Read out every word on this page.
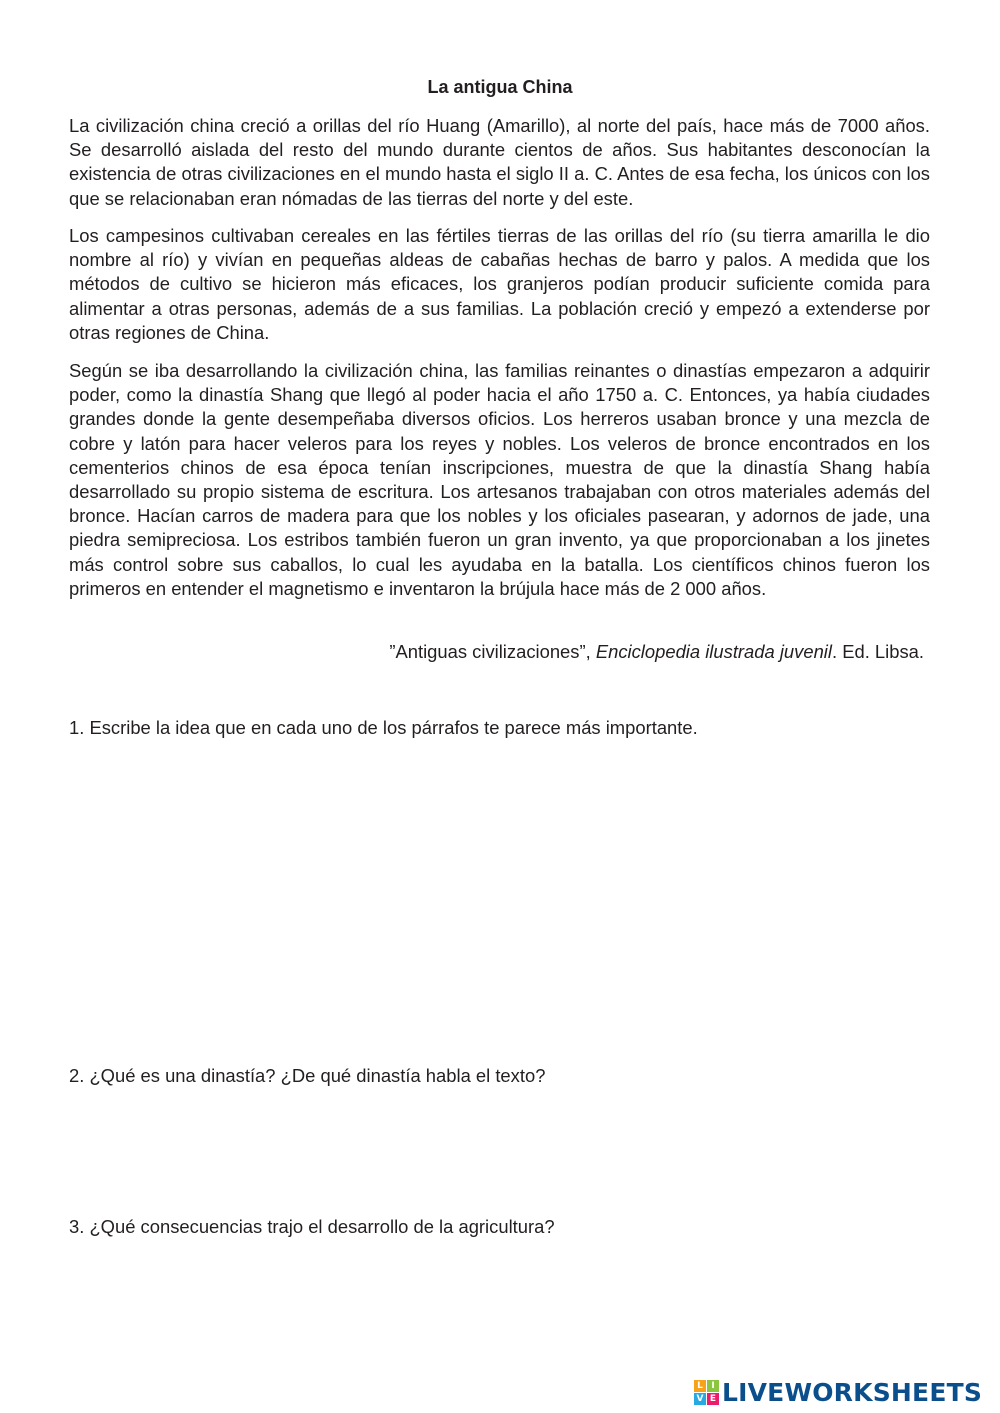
La antigua China

La civilización china creció a orillas del río Huang (Amarillo), al norte del país, hace más de 7000 años. Se desarrolló aislada del resto del mundo durante cientos de años. Sus habitantes desconocían la existencia de otras civilizaciones en el mundo hasta el siglo II a. C. Antes de esa fecha, los únicos con los que se relacionaban eran nómadas de las tierras del norte y del este.

Los campesinos cultivaban cereales en las fértiles tierras de las orillas del río (su tierra amarilla le dio nombre al río) y vivían en pequeñas aldeas de cabañas hechas de barro y palos. A medida que los métodos de cultivo se hicieron más eficaces, los granjeros podían producir suficiente comida para alimentar a otras personas, además de a sus familias. La población creció y empezó a extenderse por otras regiones de China.

Según se iba desarrollando la civilización china, las familias reinantes o dinastías empezaron a adquirir poder, como la dinastía Shang que llegó al poder hacia el año 1750 a. C. Entonces, ya había ciudades grandes donde la gente desempeñaba diversos oficios. Los herreros usaban bronce y una mezcla de cobre y latón para hacer veleros para los reyes y nobles. Los veleros de bronce encontrados en los cementerios chinos de esa época tenían inscripciones, muestra de que la dinastía Shang había desarrollado su propio sistema de escritura. Los artesanos trabajaban con otros materiales además del bronce. Hacían carros de madera para que los nobles y los oficiales pasearan, y adornos de jade, una piedra semipreciosa. Los estribos también fueron un gran invento, ya que proporcionaban a los jinetes más control sobre sus caballos, lo cual les ayudaba en la batalla. Los científicos chinos fueron los primeros en entender el magnetismo e inventaron la brújula hace más de 2 000 años.

”Antiguas civilizaciones”, Enciclopedia ilustrada juvenil. Ed. Libsa.
1. Escribe la idea que en cada uno de los párrafos te parece más importante.
2. ¿Qué es una dinastía? ¿De qué dinastía habla el texto?
3. ¿Qué consecuencias trajo el desarrollo de la agricultura?
L I
V E LIVEWORKSHEETS
